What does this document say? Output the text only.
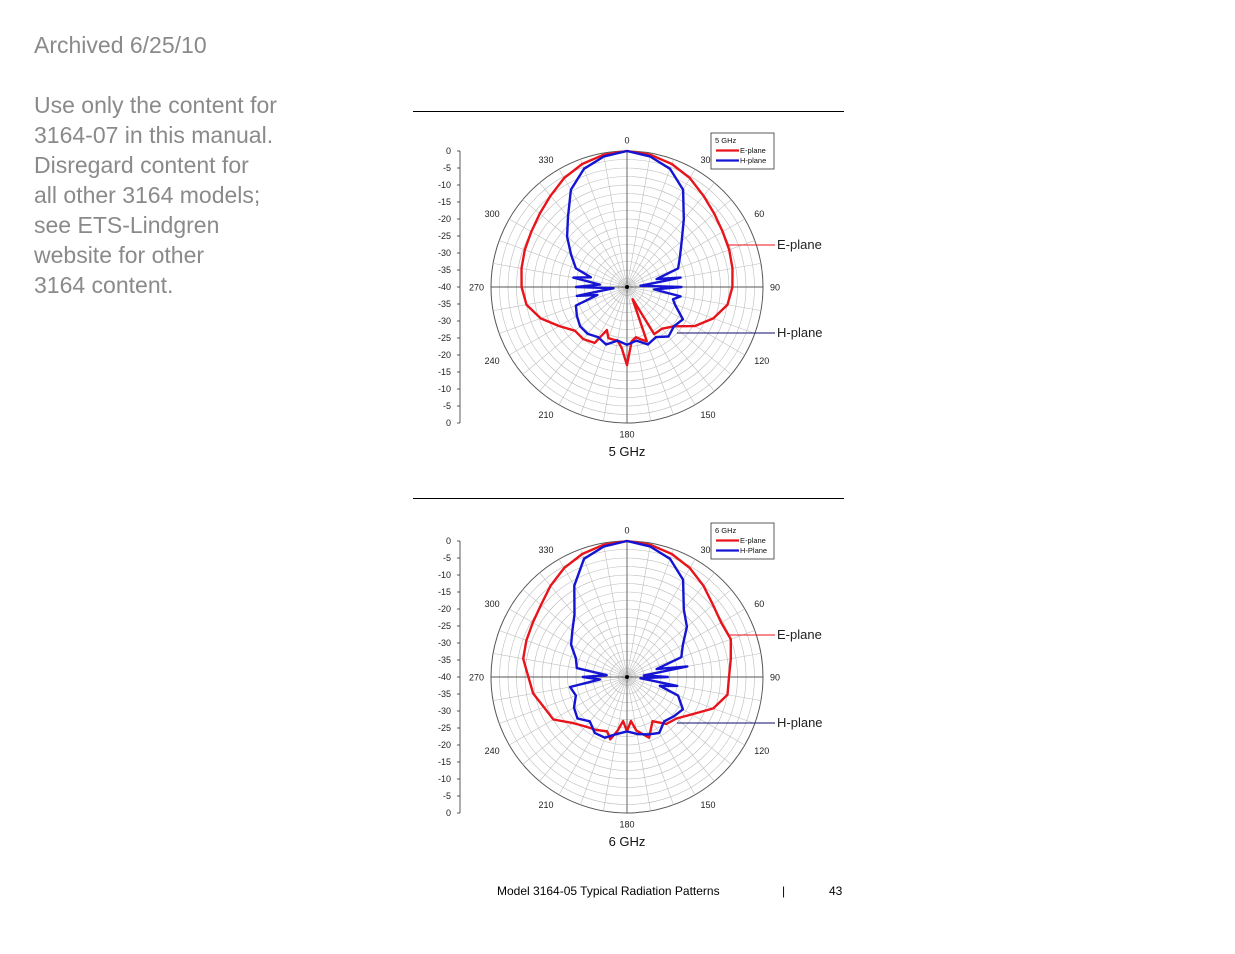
Archived 6/25/10
Use only the content for
3164-07 in this manual.
Disregard content for
all other 3164 models;
see ETS-Lindgren
website for other
3164 content.
0
30
60
90
120
150
180
210
240
270
300
330
0
-5
-10
-15
-20
-25
-30
-35
-40
-35
-30
-25
-20
-15
-10
-5
0
E-plane
H-plane
5 GHz
E-plane
H-plane
5 GHz
0
30
60
90
120
150
180
210
240
270
300
330
0
-5
-10
-15
-20
-25
-30
-35
-40
-35
-30
-25
-20
-15
-10
-5
0
E-plane
H-plane
6 GHz
E-plane
H-Plane
6 GHz
Model 3164-05 Typical Radiation Patterns	|	43
